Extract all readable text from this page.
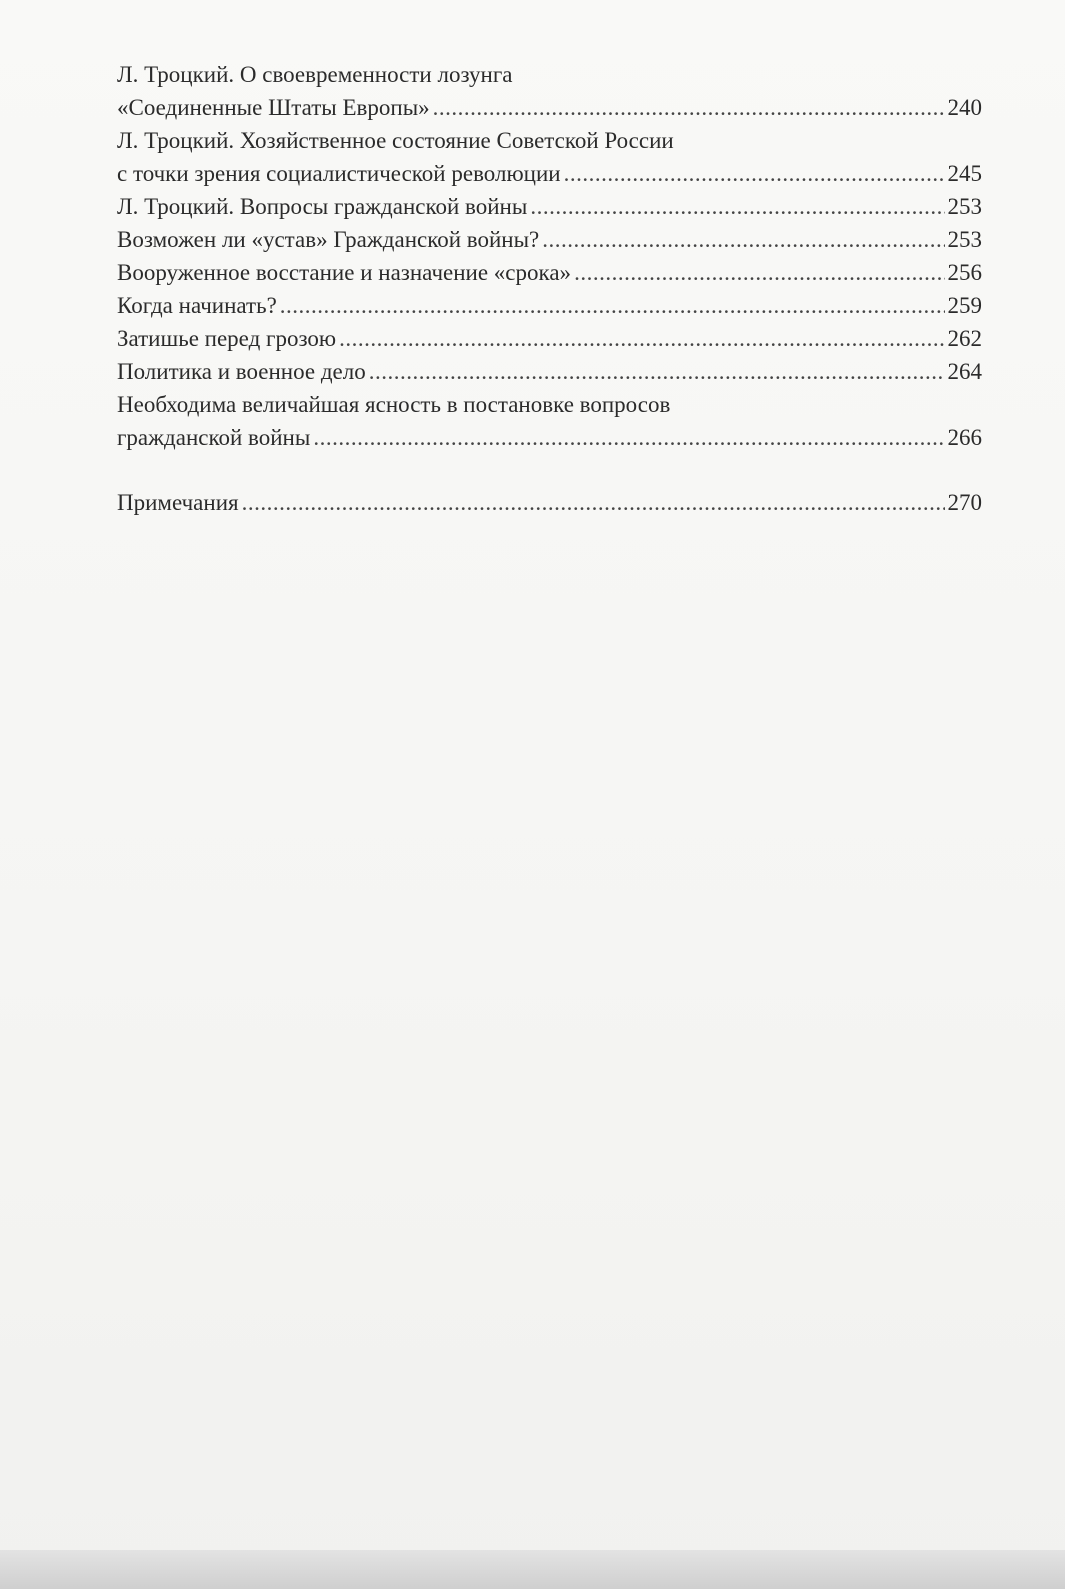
Л. Троцкий. О своевременности лозунга
«Соединенные Штаты Европы» .....	240
Л. Троцкий. Хозяйственное состояние Советской России
с точки зрения социалистической революции .....	245
Л. Троцкий. Вопросы гражданской войны .....	253
Возможен ли «устав» Гражданской войны? .....	253
Вооруженное восстание и назначение «срока» .....	256
Когда начинать? .....	259
Затишье перед грозою .....	262
Политика и военное дело .....	264
Необходима величайшая ясность в постановке вопросов
гражданской войны .....	266
Примечания .....	270
